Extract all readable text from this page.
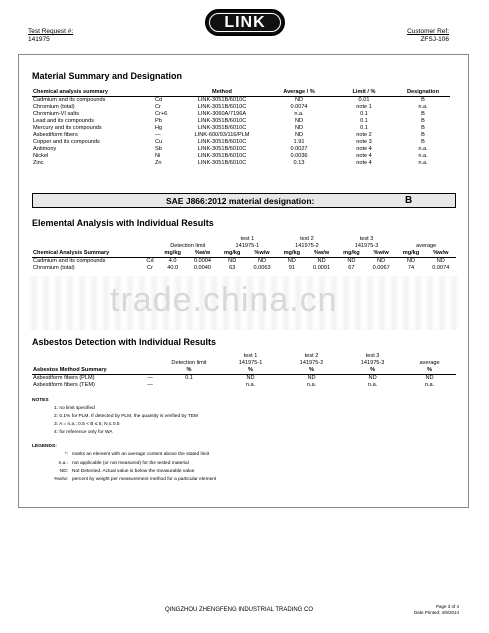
Test Request #:
141975
LINK
Customer Ref:
ZFSJ-106
Material Summary and Designation
Chemical analysis summary		Method	Average / %	Limit / %	Designation
Cadmium and its compounds	Cd	LINK-3051B/6010C	ND	0.01	B
Chromium (total)	Cr	LINK-3051B/6010C	0.0074	note 1	n.a.
Chromium-VI salts	Cr+6	LINK-3060A/7196A	n.a.	0.1	B
Lead and its compounds	Pb	LINK-3051B/6010C	ND	0.1	B
Mercury and its compounds	Hg	LINK-3051B/6010C	ND	0.1	B
Asbestiform fibers	—	LINK-600/93/116/PLM	ND	note 2	B
Copper and its compounds	Cu	LINK-3051B/6010C	1.91	note 3	B
Antimony	Sb	LINK-3051B/6010C	0.0027	note 4	n.a.
Nickel	Ni	LINK-3051B/6010C	0.0036	note 4	n.a.
Zinc	Zn	LINK-3051B/6010C	0.13	note 4	n.a.
SAE J866:2012 material designation:	B
Elemental Analysis with Individual Results
				test 1		test 2		test 3			
		Detection limit		141975-1		141975-2		141975-3		average	
Chemical Analysis Summary		mg/kg	%w/w	mg/kg	%w/w	mg/kg	%w/w	mg/kg	%w/w	mg/kg	%w/w
Cadmium and its compounds	Cd	4.0	0.0004	ND	ND	ND	ND	ND	ND	ND	ND
Chromium (total)	Cr	40.0	0.0040	63	0.0063	91	0.0091	67	0.0067	74	0.0074
trade.china.cn
Asbestos Detection with Individual Results
			test 1	test 2	test 3	
		Detection limit	141975-1	141975-2	141975-3	average
Asbestos Method Summary		%	%	%	%	%
Asbestiform fibers (PLM)	—	0.1	ND	ND	ND	ND
Asbestiform fibers (TEM)	—		n.a.	n.a.	n.a.	n.a.
NOTES
1: no limit specified
2: 0.1% for PLM. If detected by PLM, the quantity is verified by TEM
3: A = n.a.; 0.5 < B ≤ 5; N ≤ 0.5
4: for reference only for WA
LEGENDS:
*: marks an element with an average content above the stated limit
n.a.: not applicable (or not measured) for the tested material
ND: Not Detected. Actual value is below the measurable value
%w/w: percent by weight per measurement method for a particular element
QINGZHOU ZHENGFENG INDUSTRIAL TRADING CO
Page 3 of 4
Date Printed: 4/9/2014
